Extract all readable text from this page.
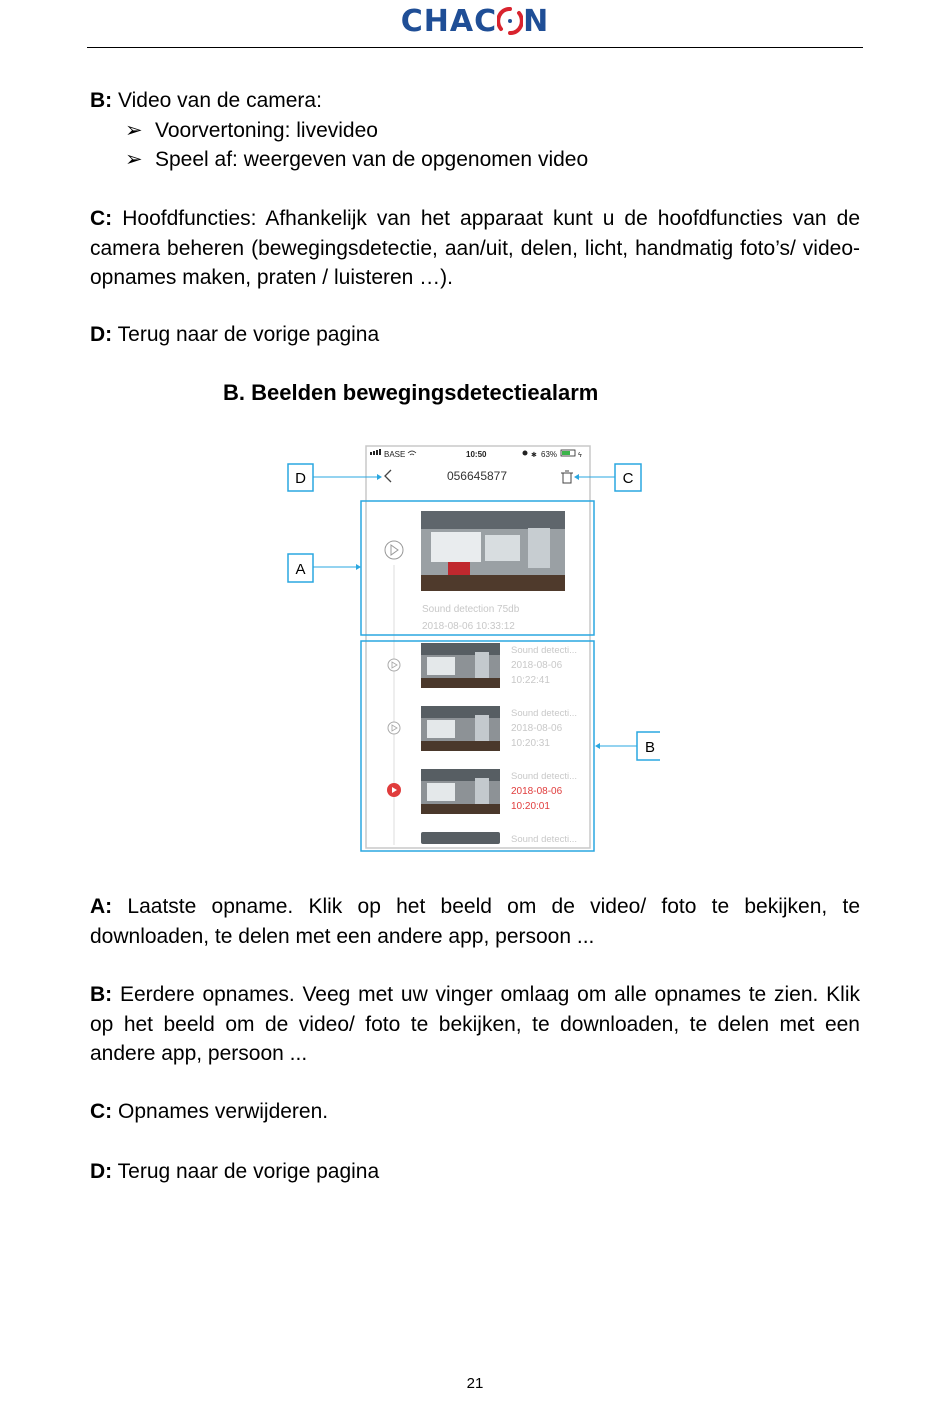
CHAC N
B: Video van de camera:
➢ Voorvertoning: livevideo
➢ Speel af: weergeven van de opgenomen video
C: Hoofdfuncties: Afhankelijk van het apparaat kunt u de hoofdfuncties van de camera beheren (bewegingsdetectie, aan/uit, delen, licht, handmatig foto’s/ video-opnames maken, praten / luisteren …).
D: Terug naar de vorige pagina
B. Beelden bewegingsdetectiealarm
BASE	10:50	✱ 63%	ϟ
056645877
Sound detection 75db
2018-08-06 10:33:12
Sound detecti...
2018-08-06
10:22:41
Sound detecti...
2018-08-06
10:20:31
Sound detecti...
2018-08-06
10:20:01
Sound detecti...
D	C
A
B
A: Laatste opname. Klik op het beeld om de video/ foto te bekijken, te downloaden, te delen met een andere app, persoon ...
B: Eerdere opnames. Veeg met uw vinger omlaag om alle opnames te zien. Klik op het beeld om de video/ foto te bekijken, te downloaden, te delen met een andere app, persoon ...
C: Opnames verwijderen.
D: Terug naar de vorige pagina
21
